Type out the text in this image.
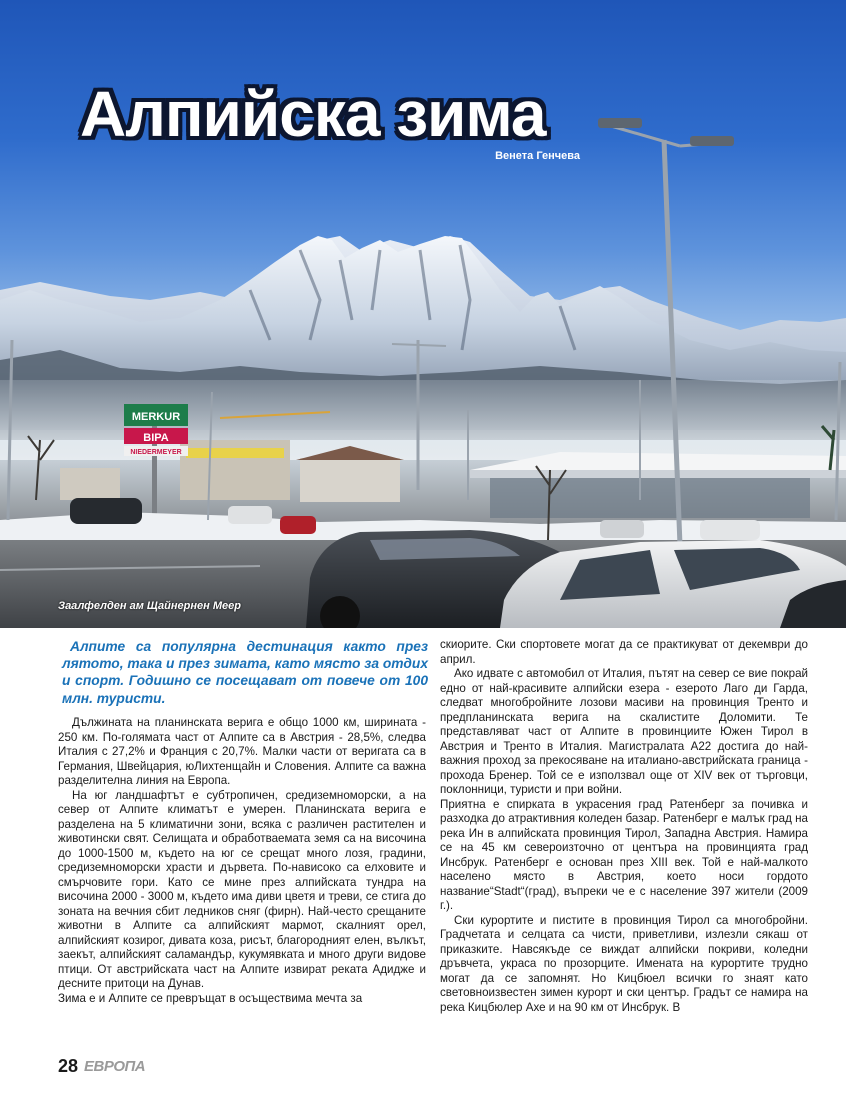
MERKUR
BIPA
NIEDERMEYER
Алпийска зима
Венета Генчева
Заалфелден ам Щайнернен Меер
Алпите са популярна дестинация както през лятото, така и през зимата, като място за отдих и спорт. Годишно се посещават от повече от 100 млн. туристи.

Дължината на планинската верига е общо 1000 км, ширината - 250 км. По-голямата част от Алпите са в Австрия - 28,5%, следва Италия с 27,2% и Франция с 20,7%. Малки части от веригата са в Германия, Швейцария, юЛихтенщайн и Словения. Алпите са важна разделителна линия на Европа.

На юг ландшафтът е субтропичен, средиземноморски, а на север от Алпите климатът е умерен. Планинската верига е разделена на 5 климатични зони, всяка с различен растителен и животински свят. Селищата и обработваемата земя са на височина до 1000-1500 м, където на юг се срещат много лозя, градини, средиземноморски храсти и дървета. По-нависоко са елховите и смърчовите гори. Като се мине през алпийската тундра на височина 2000 - 3000 м, където има диви цветя и треви, се стига до зоната на вечния сбит ледников сняг (фирн). Най-често срещаните животни в Алпите са алпийският мармот, скалният орел, алпийският козирог, дивата коза, рисът, благородният елен, вълкът, заекът, алпийският саламандър, кукумявката и много други видове птици. От австрийската част на Алпите извират реката Адидже и десните притоци на Дунав.

Зима е и Алпите се превръщат в осъществима мечта за

скиорите. Ски спортовете могат да се практикуват от декември до април.

Ако идвате с автомобил от Италия, пътят на север се вие покрай едно от най-красивите алпийски езера - езерото Лаго ди Гарда, следват многобройните лозови масиви на провинция Тренто и предпланинската верига на скалистите Доломити. Те представляват част от Алпите в провинциите Южен Тирол в Австрия и Тренто в Италия. Магистралата А22 достига до най-важния проход за прекосяване на италиано-австрийската граница - прохода Бренер. Той се е използвал още от XIV век от търговци, поклонници, туристи и при войни.

Приятна е спирката в украсения град Ратенберг за почивка и разходка до атрактивния коледен базар. Ратенберг е малък град на река Ин в алпийската провинция Тирол, Западна Австрия. Намира се на 45 км североизточно от центъра на провинцията град Инсбрук. Ратенберг е основан през XIII век. Той е най-малкото населено място в Австрия, което носи гордото название“Stadt“(град), въпреки че е с население 397 жители (2009 г.).

Ски курортите и пистите в провинция Тирол са многобройни. Градчетата и селцата са чисти, приветливи, излезли сякаш от приказките. Навсякъде се виждат алпийски покриви, коледни дръвчета, украса по прозорците. Имената на курортите трудно могат да се запомнят. Но Кицбюел всички го знаят като световноизвестен зимен курорт и ски център. Градът се намира на река Кицбюлер Ахе и на 90 км от Инсбрук. В

28 ЕВРОПА
